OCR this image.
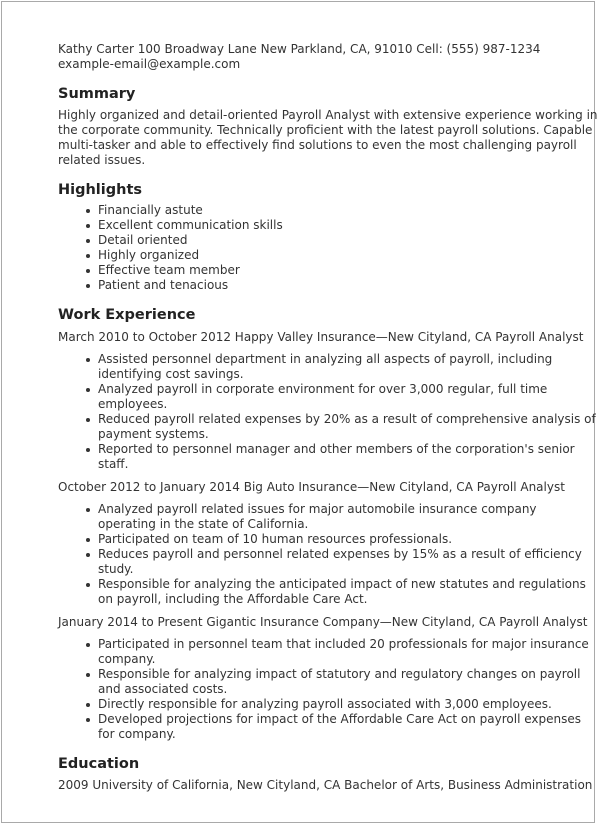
Kathy Carter 100 Broadway Lane New Parkland, CA, 91010 Cell: (555) 987-1234 example-email@example.com

Summary

Highly organized and detail-oriented Payroll Analyst with extensive experience working in the corporate community. Technically proficient with the latest payroll solutions. Capable multi-tasker and able to effectively find solutions to even the most challenging payroll related issues.

Highlights
Financially astute
Excellent communication skills
Detail oriented
Highly organized
Effective team member
Patient and tenacious
Work Experience

March 2010 to October 2012 Happy Valley Insurance—New Cityland, CA Payroll Analyst

Assisted personnel department in analyzing all aspects of payroll, including identifying cost savings.
Analyzed payroll in corporate environment for over 3,000 regular, full time employees.
Reduced payroll related expenses by 20% as a result of comprehensive analysis of payment systems.
Reported to personnel manager and other members of the corporation's senior staff.

October 2012 to January 2014 Big Auto Insurance—New Cityland, CA Payroll Analyst

Analyzed payroll related issues for major automobile insurance company operating in the state of California.
Participated on team of 10 human resources professionals.
Reduces payroll and personnel related expenses by 15% as a result of efficiency study.
Responsible for analyzing the anticipated impact of new statutes and regulations on payroll, including the Affordable Care Act.

January 2014 to Present Gigantic Insurance Company—New Cityland, CA Payroll Analyst

Participated in personnel team that included 20 professionals for major insurance company.
Responsible for analyzing impact of statutory and regulatory changes on payroll and associated costs.
Directly responsible for analyzing payroll associated with 3,000 employees.
Developed projections for impact of the Affordable Care Act on payroll expenses for company.
Education

2009 University of California, New Cityland, CA Bachelor of Arts, Business Administration
